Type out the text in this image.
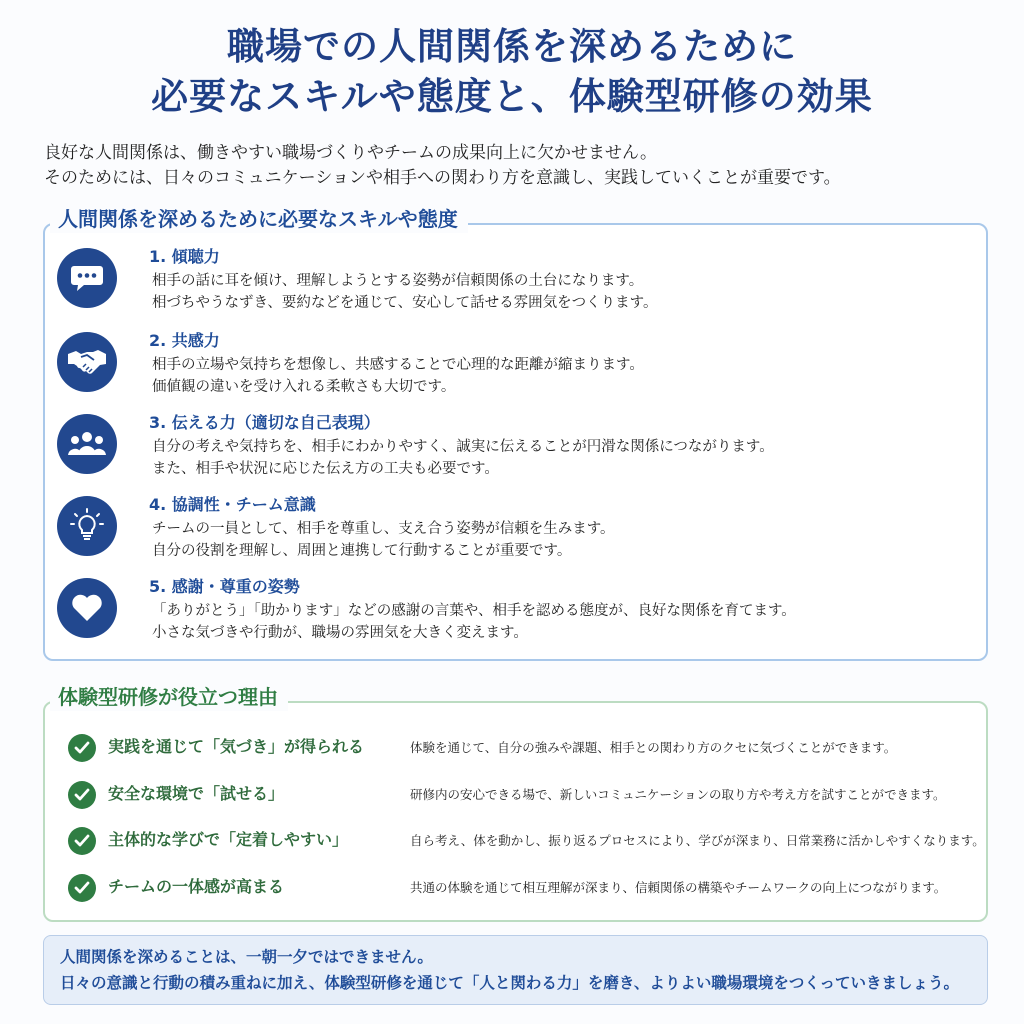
職場での人間関係を深めるために
必要なスキルや態度と、体験型研修の効果
良好な人間関係は、働きやすい職場づくりやチームの成果向上に欠かせません。
そのためには、日々のコミュニケーションや相手への関わり方を意識し、実践していくことが重要です。
人間関係を深めるために必要なスキルや態度
1. 傾聴力
相手の話に耳を傾け、理解しようとする姿勢が信頼関係の土台になります。
相づちやうなずき、要約などを通じて、安心して話せる雰囲気をつくります。
2. 共感力
相手の立場や気持ちを想像し、共感することで心理的な距離が縮まります。
価値観の違いを受け入れる柔軟さも大切です。
3. 伝える力（適切な自己表現）
自分の考えや気持ちを、相手にわかりやすく、誠実に伝えることが円滑な関係につながります。
また、相手や状況に応じた伝え方の工夫も必要です。
4. 協調性・チーム意識
チームの一員として、相手を尊重し、支え合う姿勢が信頼を生みます。
自分の役割を理解し、周囲と連携して行動することが重要です。
5. 感謝・尊重の姿勢
「ありがとう」「助かります」などの感謝の言葉や、相手を認める態度が、良好な関係を育てます。
小さな気づきや行動が、職場の雰囲気を大きく変えます。
体験型研修が役立つ理由
実践を通じて「気づき」が得られる	体験を通じて、自分の強みや課題、相手との関わり方のクセに気づくことができます。
安全な環境で「試せる」	研修内の安心できる場で、新しいコミュニケーションの取り方や考え方を試すことができます。
主体的な学びで「定着しやすい」	自ら考え、体を動かし、振り返るプロセスにより、学びが深まり、日常業務に活かしやすくなります。
チームの一体感が高まる	共通の体験を通じて相互理解が深まり、信頼関係の構築やチームワークの向上につながります。
人間関係を深めることは、一朝一夕ではできません。
日々の意識と行動の積み重ねに加え、体験型研修を通じて「人と関わる力」を磨き、よりよい職場環境をつくっていきましょう。
